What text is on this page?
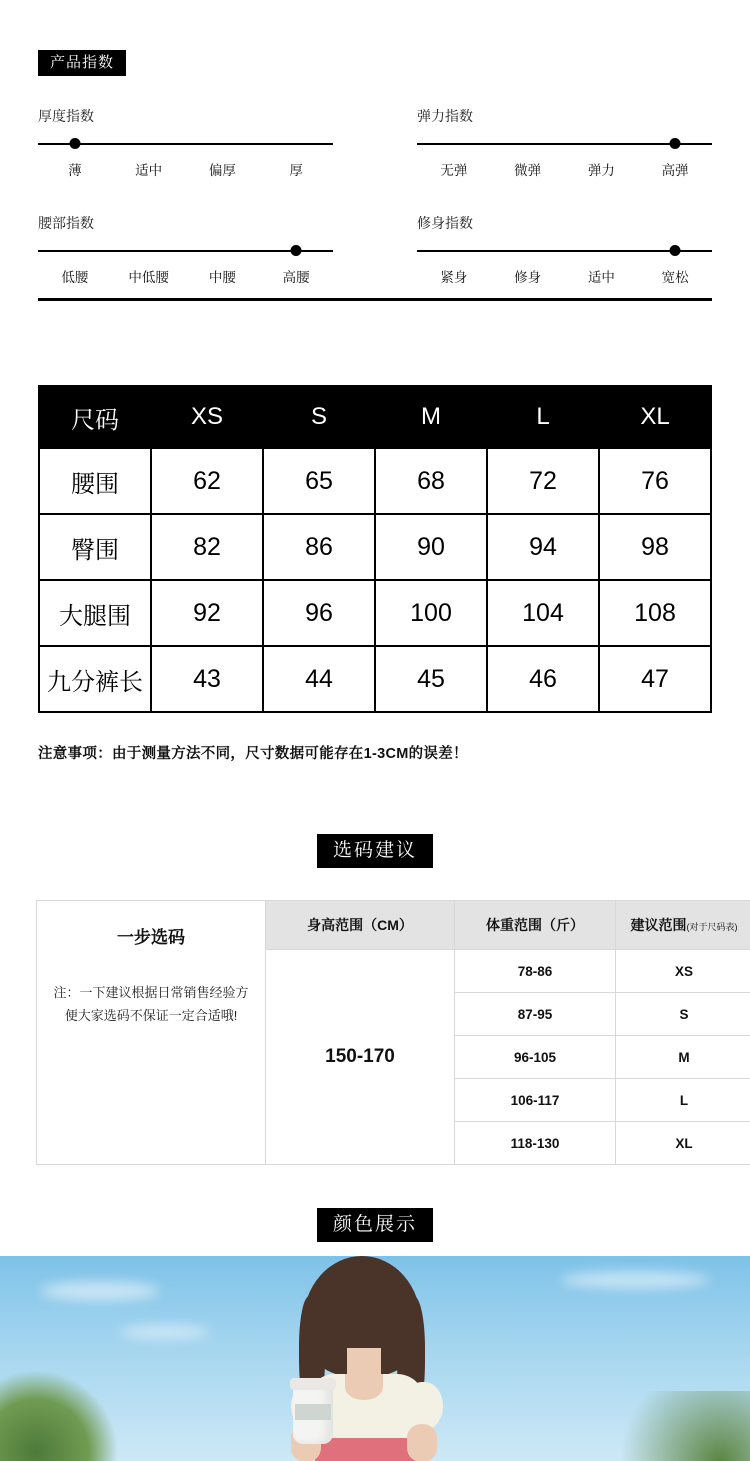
产品指数
厚度指数
薄	适中	偏厚	厚
弹力指数
无弹	微弹	弹力	高弹
腰部指数
低腰	中低腰	中腰	高腰
修身指数
紧身	修身	适中	宽松
尺码	XS	S	M	L	XL
腰围	62	65	68	72	76
臀围	82	86	90	94	98
大腿围	92	96	100	104	108
九分裤长	43	44	45	46	47
注意事项：由于测量方法不同，尺寸数据可能存在1-3CM的误差！
选码建议
一步选码
注：一下建议根据日常销售经验方便大家选码不保证一定合适哦!	身高范围（CM）	体重范围（斤）	建议范围(对于尺码表)
	150-170	78-86	XS
		87-95	S
		96-105	M
		106-117	L
		118-130	XL
颜色展示
